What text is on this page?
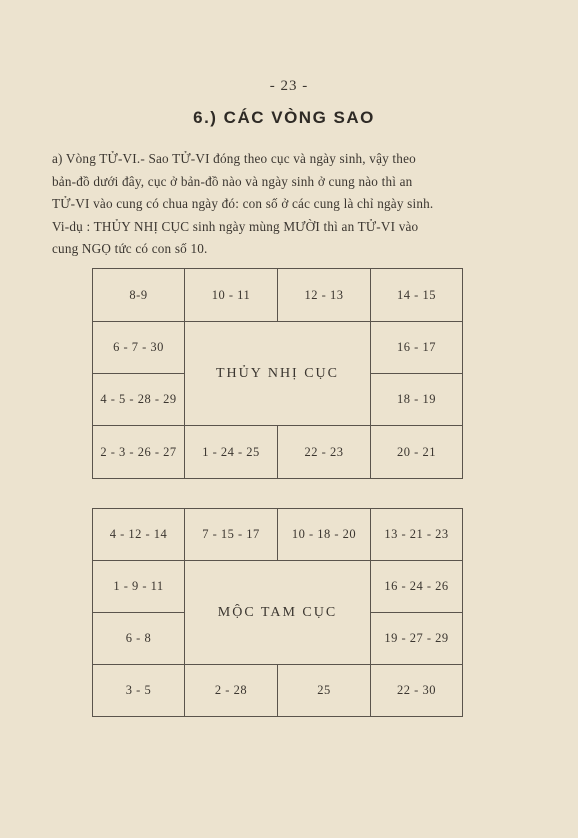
- 23 -
6.) CÁC VÒNG SAO
a) Vòng TỬ-VI.- Sao TỬ-VI đóng theo cục và ngày sinh, vậy theo
bản-đồ dưới đây, cục ở bản-đồ nào và ngày sinh ở cung nào thì an
TỬ-VI vào cung có chua ngày đó: con số ở các cung là chỉ ngày sinh.
Vi-dụ : THỦY NHỊ CỤC sinh ngày mùng MƯỜI thì an TỬ-VI vào
cung NGỌ tức có con số 10.
8-9	10 - 11	12 - 13	14 - 15
6 - 7 - 30	THỦY NHỊ CỤC		16 - 17
4 - 5 - 28 - 29			18 - 19
2 - 3 - 26 - 27	1 - 24 - 25	22 - 23	20 - 21
4 - 12 - 14	7 - 15 - 17	10 - 18 - 20	13 - 21 - 23
1 - 9 - 11	MỘC TAM CỤC		16 - 24 - 26
6 - 8			19 - 27 - 29
3 - 5	2 - 28	25	22 - 30
